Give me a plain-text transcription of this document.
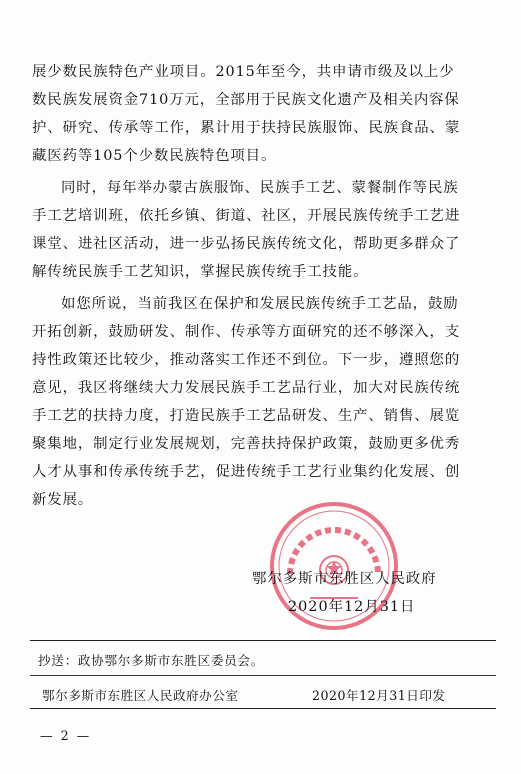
展少数民族特色产业项目。2015年至今，共申请市级及以上少
数民族发展资金710万元，全部用于民族文化遗产及相关内容保
护、研究、传承等工作，累计用于扶持民族服饰、民族食品、蒙
藏医药等105个少数民族特色项目。
同时，每年举办蒙古族服饰、民族手工艺、蒙餐制作等民族
手工艺培训班，依托乡镇、街道、社区，开展民族传统手工艺进
课堂、进社区活动，进一步弘扬民族传统文化，帮助更多群众了
解传统民族手工艺知识，掌握民族传统手工技能。
如您所说，当前我区在保护和发展民族传统手工艺品，鼓励
开拓创新，鼓励研发、制作、传承等方面研究的还不够深入，支
持性政策还比较少，推动落实工作还不到位。下一步，遵照您的
意见，我区将继续大力发展民族手工艺品行业，加大对民族传统
手工艺的扶持力度，打造民族手工艺品研发、生产、销售、展览
聚集地，制定行业发展规划，完善扶持保护政策，鼓励更多优秀
人才从事和传承传统手艺，促进传统手工艺行业集约化发展、创
新发展。
鄂尔多斯市东胜区人民政府
2020年12月31日
抄送：政协鄂尔多斯市东胜区委员会。
鄂尔多斯市东胜区人民政府办公室	2020年12月31日印发
— 2 —
